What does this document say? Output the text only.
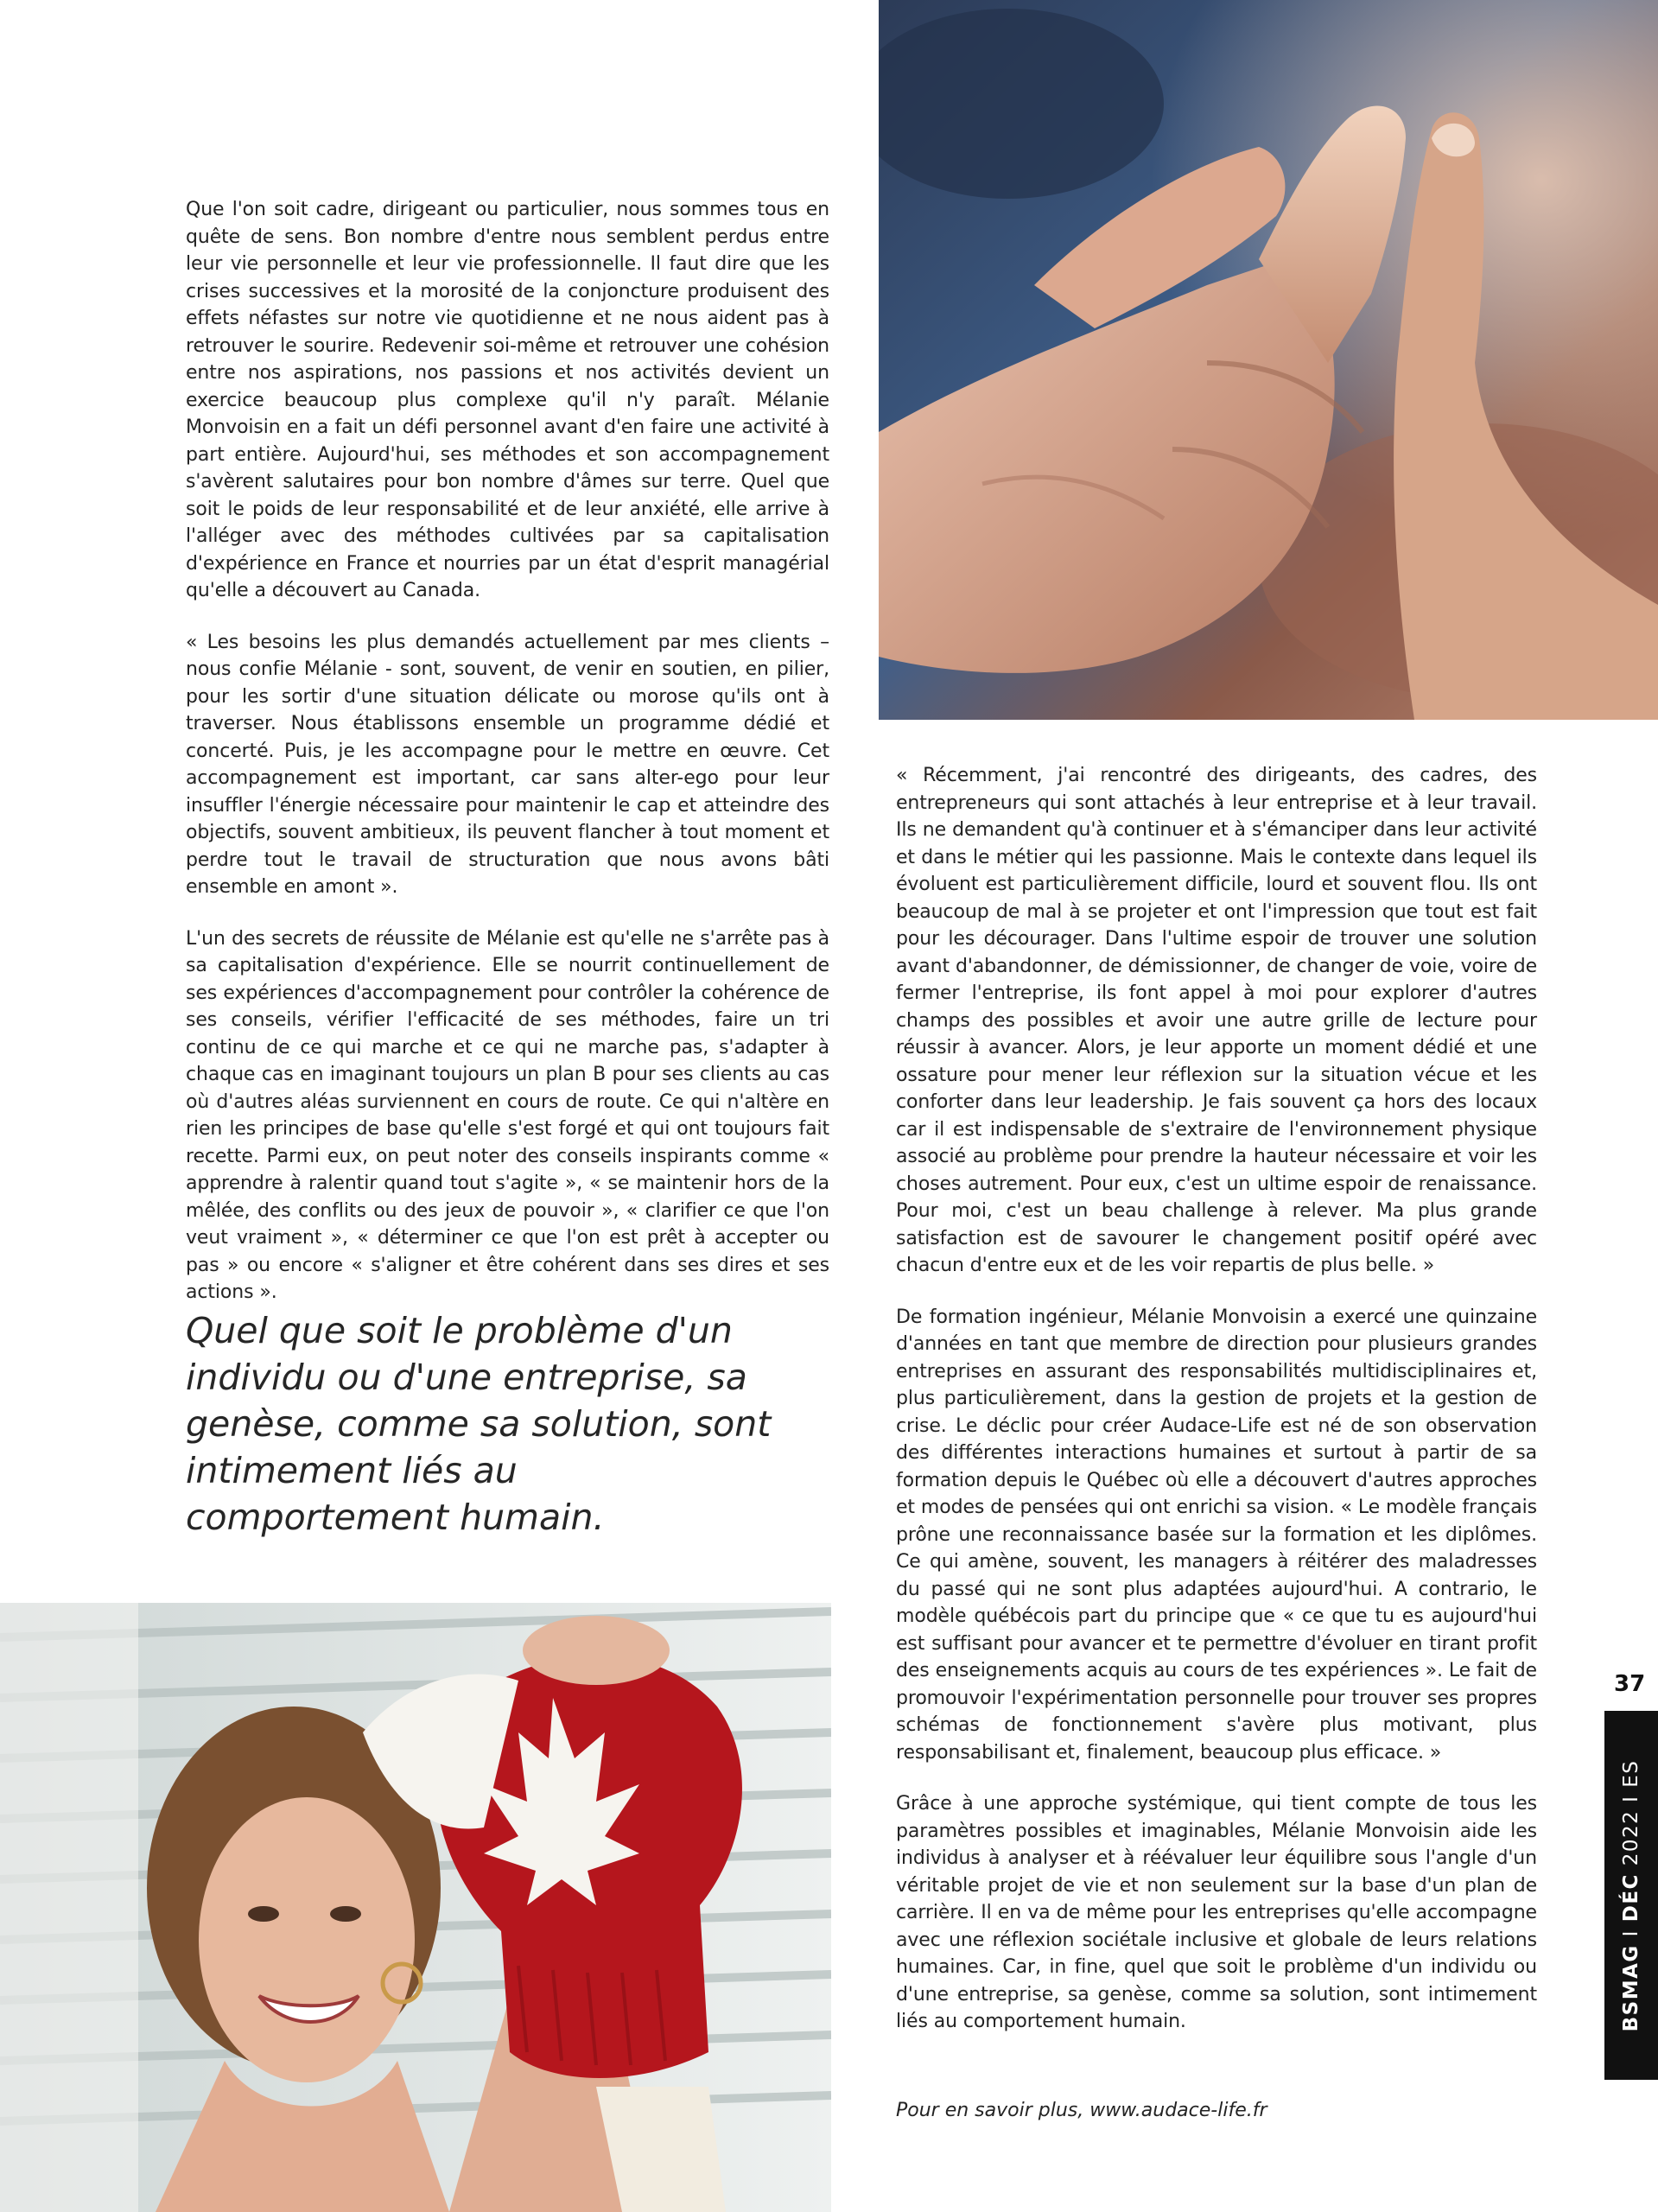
Que l'on soit cadre, dirigeant ou particulier, nous sommes tous en quête de sens. Bon nombre d'entre nous semblent perdus entre leur vie personnelle et leur vie professionnelle. Il faut dire que les crises successives et la morosité de la conjoncture produisent des effets néfastes sur notre vie quotidienne et ne nous aident pas à retrouver le sourire. Redevenir soi-même et retrouver une cohésion entre nos aspirations, nos passions et nos activités devient un exercice beaucoup plus complexe qu'il n'y paraît. Mélanie Monvoisin en a fait un défi personnel avant d'en faire une activité à part entière. Aujourd'hui, ses méthodes et son accompagnement s'avèrent salutaires pour bon nombre d'âmes sur terre. Quel que soit le poids de leur responsabilité et de leur anxiété, elle arrive à l'alléger avec des méthodes cultivées par sa capitalisation d'expérience en France et nourries par un état d'esprit managérial qu'elle a découvert au Canada.

« Les besoins les plus demandés actuellement par mes clients – nous confie Mélanie - sont, souvent, de venir en soutien, en pilier, pour les sortir d'une situation délicate ou morose qu'ils ont à traverser. Nous établissons ensemble un programme dédié et concerté. Puis, je les accompagne pour le mettre en œuvre. Cet accompagnement est important, car sans alter-ego pour leur insuffler l'énergie nécessaire pour maintenir le cap et atteindre des objectifs, souvent ambitieux, ils peuvent flancher à tout moment et perdre tout le travail de structuration que nous avons bâti ensemble en amont ».

L'un des secrets de réussite de Mélanie est qu'elle ne s'arrête pas à sa capitalisation d'expérience. Elle se nourrit continuellement de ses expériences d'accompagnement pour contrôler la cohérence de ses conseils, vérifier l'efficacité de ses méthodes, faire un tri continu de ce qui marche et ce qui ne marche pas, s'adapter à chaque cas en imaginant toujours un plan B pour ses clients au cas où d'autres aléas surviennent en cours de route. Ce qui n'altère en rien les principes de base qu'elle s'est forgé et qui ont toujours fait recette. Parmi eux, on peut noter des conseils inspirants comme « apprendre à ralentir quand tout s'agite », « se maintenir hors de la mêlée, des conflits ou des jeux de pouvoir », « clarifier ce que l'on veut vraiment », « déterminer ce que l'on est prêt à accepter ou pas » ou encore « s'aligner et être cohérent dans ses dires et ses actions ».

Quel que soit le problème d'un individu ou d'une entreprise, sa genèse, comme sa solution, sont intimement liés au comportement humain.

« Récemment, j'ai rencontré des dirigeants, des cadres, des entrepreneurs qui sont attachés à leur entreprise et à leur travail. Ils ne demandent qu'à continuer et à s'émanciper dans leur activité et dans le métier qui les passionne. Mais le contexte dans lequel ils évoluent est particulièrement difficile, lourd et souvent flou. Ils ont beaucoup de mal à se projeter et ont l'impression que tout est fait pour les décourager. Dans l'ultime espoir de trouver une solution avant d'abandonner, de démissionner, de changer de voie, voire de fermer l'entreprise, ils font appel à moi pour explorer d'autres champs des possibles et avoir une autre grille de lecture pour réussir à avancer. Alors, je leur apporte un moment dédié et une ossature pour mener leur réflexion sur la situation vécue et les conforter dans leur leadership. Je fais souvent ça hors des locaux car il est indispensable de s'extraire de l'environnement physique associé au problème pour prendre la hauteur nécessaire et voir les choses autrement. Pour eux, c'est un ultime espoir de renaissance. Pour moi, c'est un beau challenge à relever. Ma plus grande satisfaction est de savourer le changement positif opéré avec chacun d'entre eux et de les voir repartis de plus belle. »

De formation ingénieur, Mélanie Monvoisin a exercé une quinzaine d'années en tant que membre de direction pour plusieurs grandes entreprises en assurant des responsabilités multidisciplinaires et, plus particulièrement, dans la gestion de projets et la gestion de crise. Le déclic pour créer Audace-Life est né de son observation des différentes interactions humaines et surtout à partir de sa formation depuis le Québec où elle a découvert d'autres approches et modes de pensées qui ont enrichi sa vision. « Le modèle français prône une reconnaissance basée sur la formation et les diplômes. Ce qui amène, souvent, les managers à réitérer des maladresses du passé qui ne sont plus adaptées aujourd'hui. A contrario, le modèle québécois part du principe que « ce que tu es aujourd'hui est suffisant pour avancer et te permettre d'évoluer en tirant profit des enseignements acquis au cours de tes expériences ». Le fait de promouvoir l'expérimentation personnelle pour trouver ses propres schémas de fonctionnement s'avère plus motivant, plus responsabilisant et, finalement, beaucoup plus efficace. »

Grâce à une approche systémique, qui tient compte de tous les paramètres possibles et imaginables, Mélanie Monvoisin aide les individus à analyser et à réévaluer leur équilibre sous l'angle d'un véritable projet de vie et non seulement sur la base d'un plan de carrière. Il en va de même pour les entreprises qu'elle accompagne avec une réflexion sociétale inclusive et globale de leurs relations humaines. Car, in fine, quel que soit le problème d'un individu ou d'une entreprise, sa genèse, comme sa solution, sont intimement liés au comportement humain.

Pour en savoir plus, www.audace-life.fr
37
BSMAG I DÉC 2022 I ES
